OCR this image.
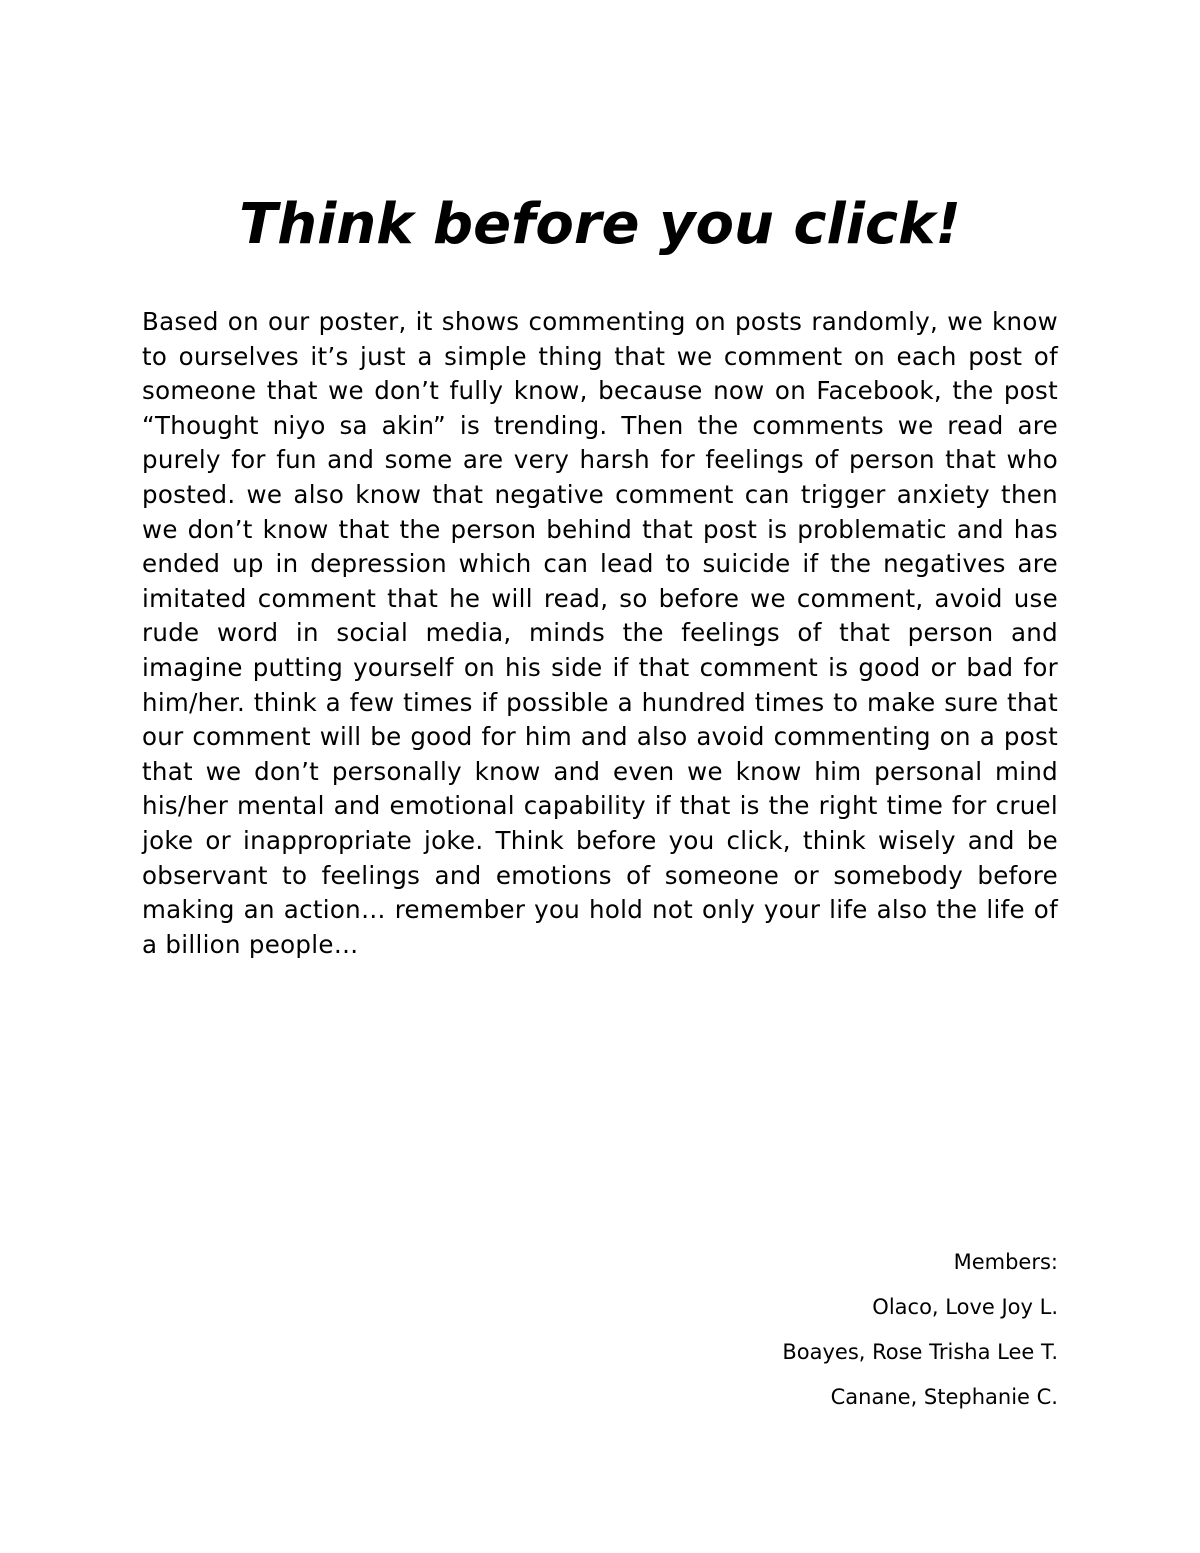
Think before you click!

Based on our poster, it shows commenting on posts randomly, we know to ourselves it’s just a simple thing that we comment on each post of someone that we don’t fully know, because now on Facebook, the post “Thought niyo sa akin” is trending. Then the comments we read are purely for fun and some are very harsh for feelings of person that who posted. we also know that negative comment can trigger anxiety then we don’t know that the person behind that post is problematic and has ended up in depression which can lead to suicide if the negatives are imitated comment that he will read, so before we comment, avoid use rude word in social media, minds the feelings of that person and imagine putting yourself on his side if that comment is good or bad for him/her. think a few times if possible a hundred times to make sure that our comment will be good for him and also avoid commenting on a post that we don’t personally know and even we know him personal mind his/her mental and emotional capability if that is the right time for cruel joke or inappropriate joke. Think before you click, think wisely and be observant to feelings and emotions of someone or somebody before making an action… remember you hold not only your life also the life of a billion people…

Members:
Olaco, Love Joy L.
Boayes, Rose Trisha Lee T.
Canane, Stephanie C.
